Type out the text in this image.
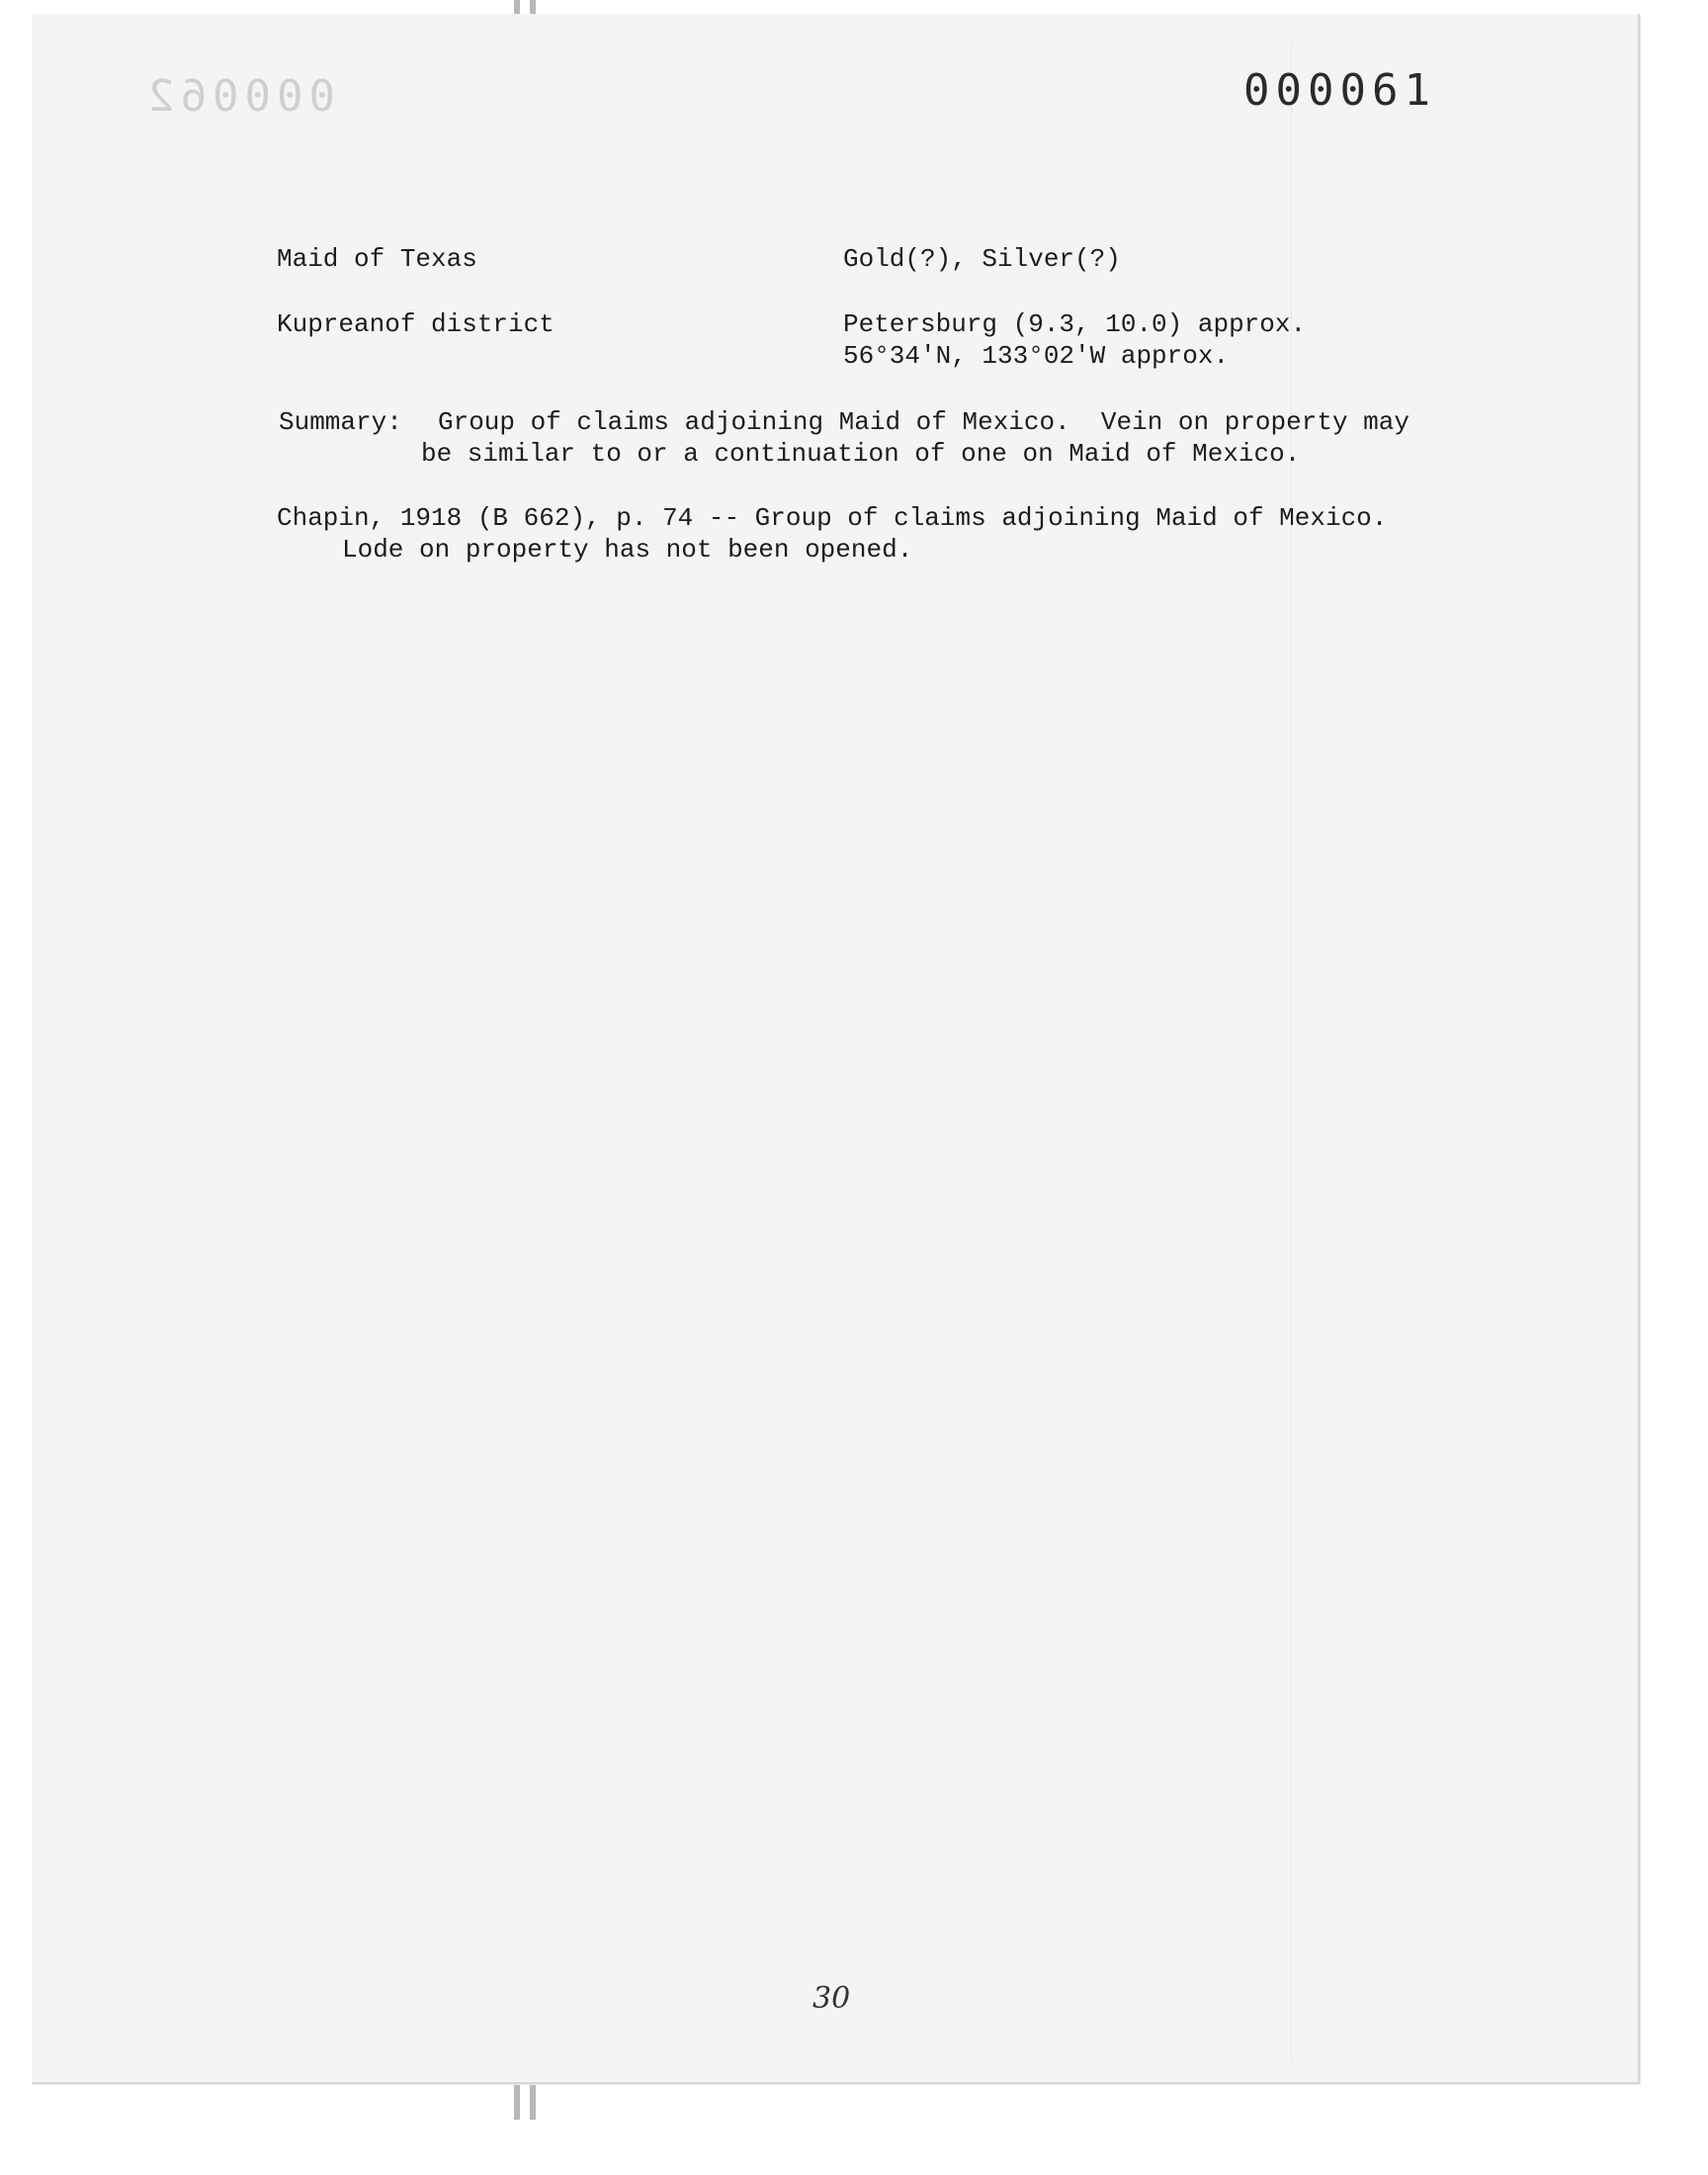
000062	000061
Maid of Texas	Gold(?), Silver(?)
Kupreanof district	Petersburg (9.3, 10.0) approx.
56°34'N, 133°02'W approx.
Summary: Group of claims adjoining Maid of Mexico.  Vein on property may
be similar to or a continuation of one on Maid of Mexico.
Chapin, 1918 (B 662), p. 74 -- Group of claims adjoining Maid of Mexico.
Lode on property has not been opened.
30
